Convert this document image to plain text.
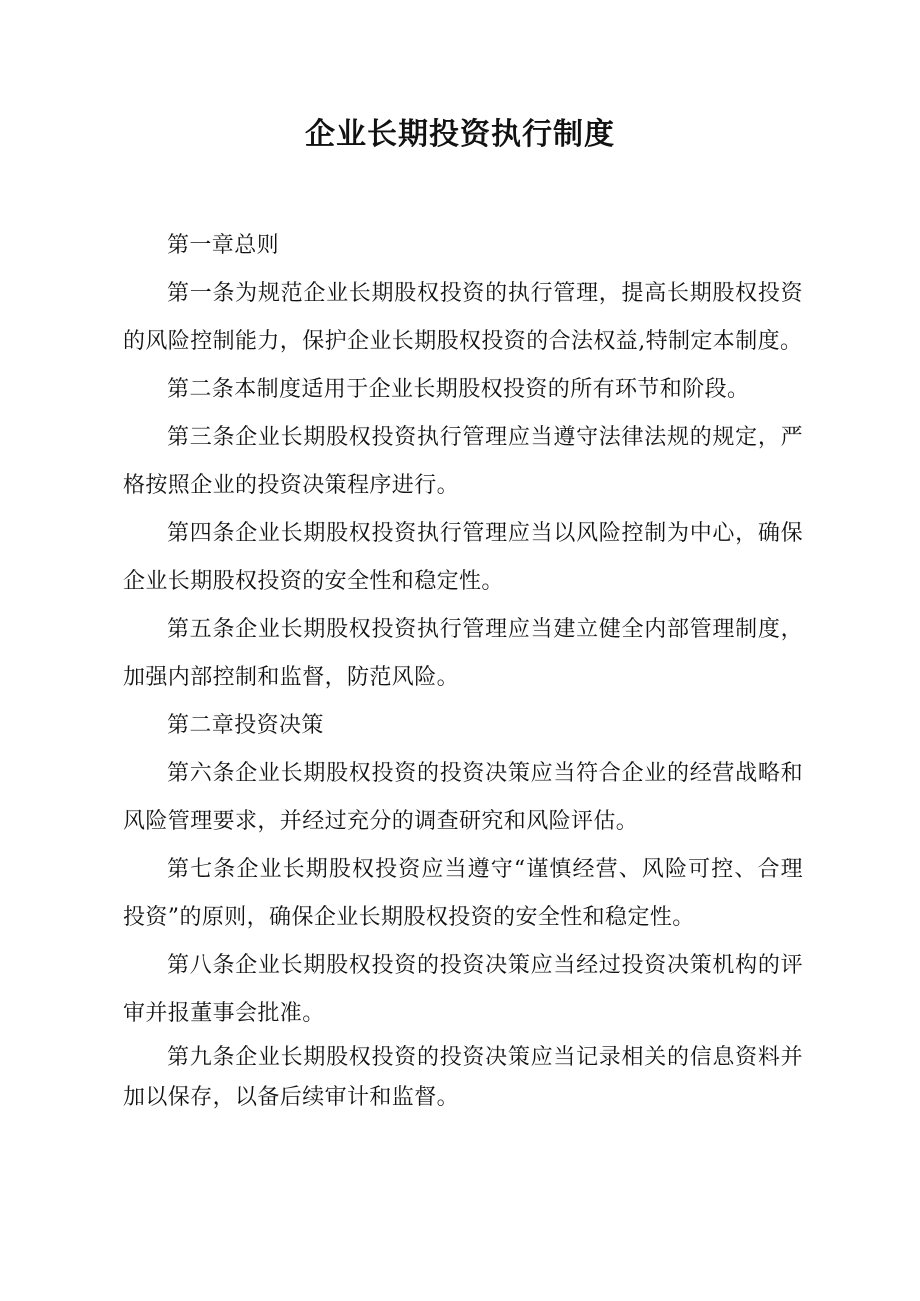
企业长期投资执行制度

第一章总则

第一条为规范企业长期股权投资的执行管理，提高长期股权投资的风险控制能力，保护企业长期股权投资的合法权益,特制定本制度。

第二条本制度适用于企业长期股权投资的所有环节和阶段。

第三条企业长期股权投资执行管理应当遵守法律法规的规定，严格按照企业的投资决策程序进行。

第四条企业长期股权投资执行管理应当以风险控制为中心，确保企业长期股权投资的安全性和稳定性。

第五条企业长期股权投资执行管理应当建立健全内部管理制度，加强内部控制和监督，防范风险。

第二章投资决策

第六条企业长期股权投资的投资决策应当符合企业的经营战略和风险管理要求，并经过充分的调查研究和风险评估。

第七条企业长期股权投资应当遵守“谨慎经营、风险可控、合理投资”的原则，确保企业长期股权投资的安全性和稳定性。

第八条企业长期股权投资的投资决策应当经过投资决策机构的评审并报董事会批准。

第九条企业长期股权投资的投资决策应当记录相关的信息资料并加以保存，以备后续审计和监督。
